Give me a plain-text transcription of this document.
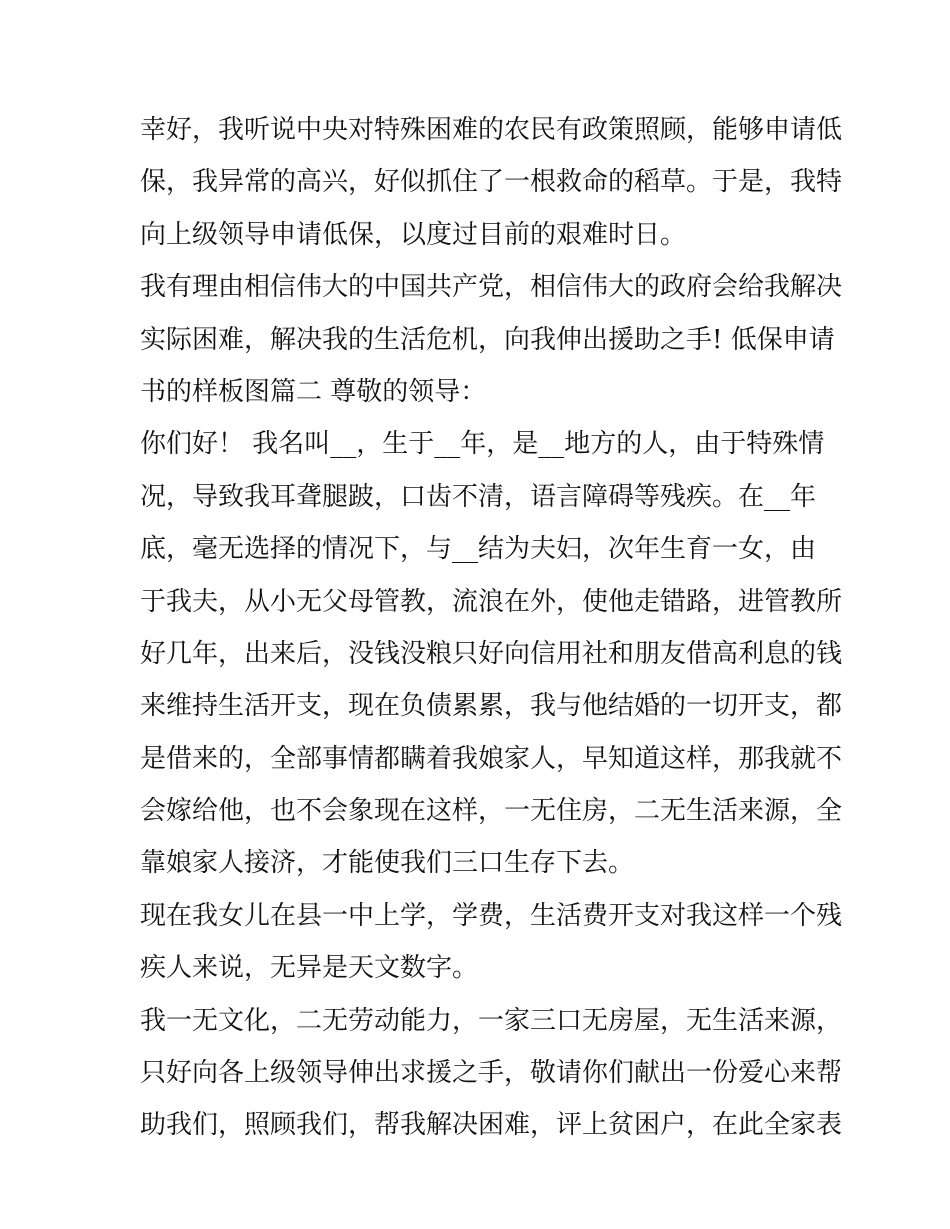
幸好，我听说中央对特殊困难的农民有政策照顾，能够申请低
保，我异常的高兴，好似抓住了一根救命的稻草。于是，我特
向上级领导申请低保，以度过目前的艰难时日。
我有理由相信伟大的中国共产党，相信伟大的政府会给我解决
实际困难，解决我的生活危机，向我伸出援助之手! 低保申请
书的样板图篇二 尊敬的领导：
你们好！ 我名叫__，生于__年，是__地方的人，由于特殊情
况，导致我耳聋腿跛，口齿不清，语言障碍等残疾。在__年
底，毫无选择的情况下，与__结为夫妇，次年生育一女，由
于我夫，从小无父母管教，流浪在外，使他走错路，进管教所
好几年，出来后，没钱没粮只好向信用社和朋友借高利息的钱
来维持生活开支，现在负债累累，我与他结婚的一切开支，都
是借来的，全部事情都瞒着我娘家人，早知道这样，那我就不
会嫁给他，也不会象现在这样，一无住房，二无生活来源，全
靠娘家人接济，才能使我们三口生存下去。
现在我女儿在县一中上学，学费，生活费开支对我这样一个残
疾人来说，无异是天文数字。
我一无文化，二无劳动能力，一家三口无房屋，无生活来源，
只好向各上级领导伸出求援之手，敬请你们献出一份爱心来帮
助我们，照顾我们，帮我解决困难，评上贫困户，在此全家表
